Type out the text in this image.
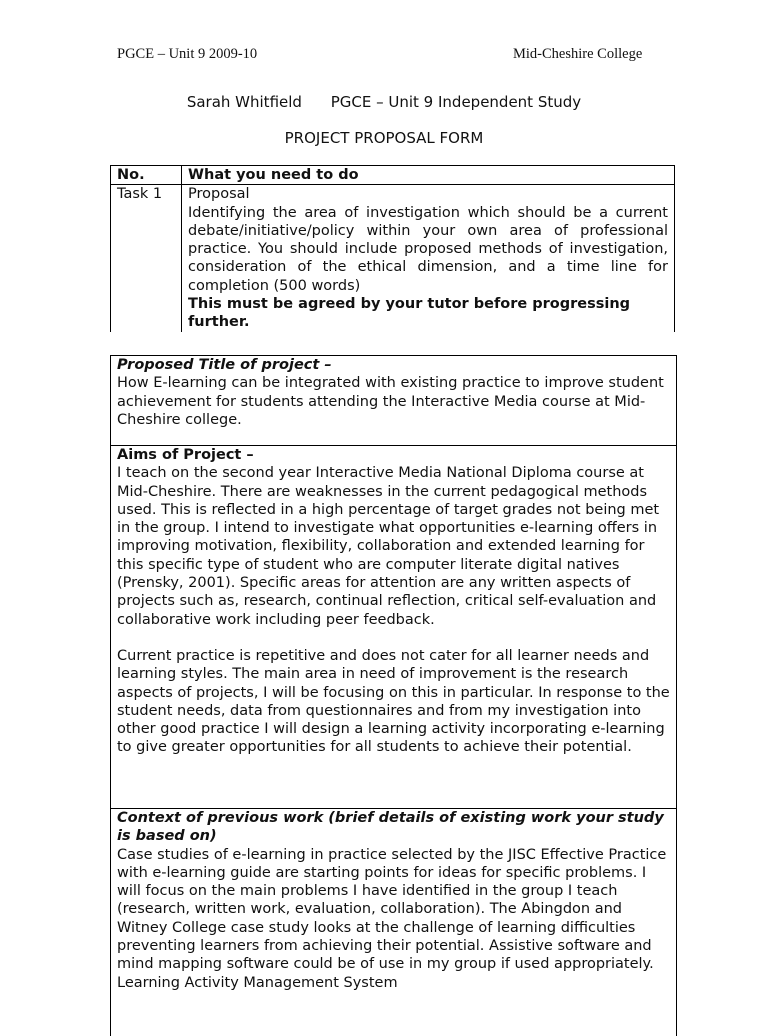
PGCE – Unit 9 2009-10	Mid-Cheshire College
Sarah Whitfield PGCE – Unit 9 Independent Study
PROJECT PROPOSAL FORM
No.	What you need to do
Task 1	Proposal
Identifying the area of investigation which should be a current debate/initiative/policy within your own area of professional practice. You should include proposed methods of investigation, consideration of the ethical dimension, and a time line for completion (500 words)
This must be agreed by your tutor before progressing further.
Proposed Title of project –

How E-learning can be integrated with existing practice to improve student achievement for students attending the Interactive Media course at Mid-Cheshire college.

Aims of Project –

I teach on the second year Interactive Media National Diploma course at Mid-Cheshire. There are weaknesses in the current pedagogical methods used. This is reflected in a high percentage of target grades not being met in the group. I intend to investigate what opportunities e-learning offers in improving motivation, flexibility, collaboration and extended learning for this specific type of student who are computer literate digital natives (Prensky, 2001). Specific areas for attention are any written aspects of projects such as, research, continual reflection, critical self-evaluation and collaborative work including peer feedback.

Current practice is repetitive and does not cater for all learner needs and learning styles. The main area in need of improvement is the research aspects of projects, I will be focusing on this in particular. In response to the student needs, data from questionnaires and from my investigation into other good practice I will design a learning activity incorporating e-learning to give greater opportunities for all students to achieve their potential.

Context of previous work (brief details of existing work your study is based on)

Case studies of e-learning in practice selected by the JISC Effective Practice with e-learning guide are starting points for ideas for specific problems. I will focus on the main problems I have identified in the group I teach (research, written work, evaluation, collaboration). The Abingdon and Witney College case study looks at the challenge of learning difficulties preventing learners from achieving their potential. Assistive software and mind mapping software could be of use in my group if used appropriately. Learning Activity Management System
